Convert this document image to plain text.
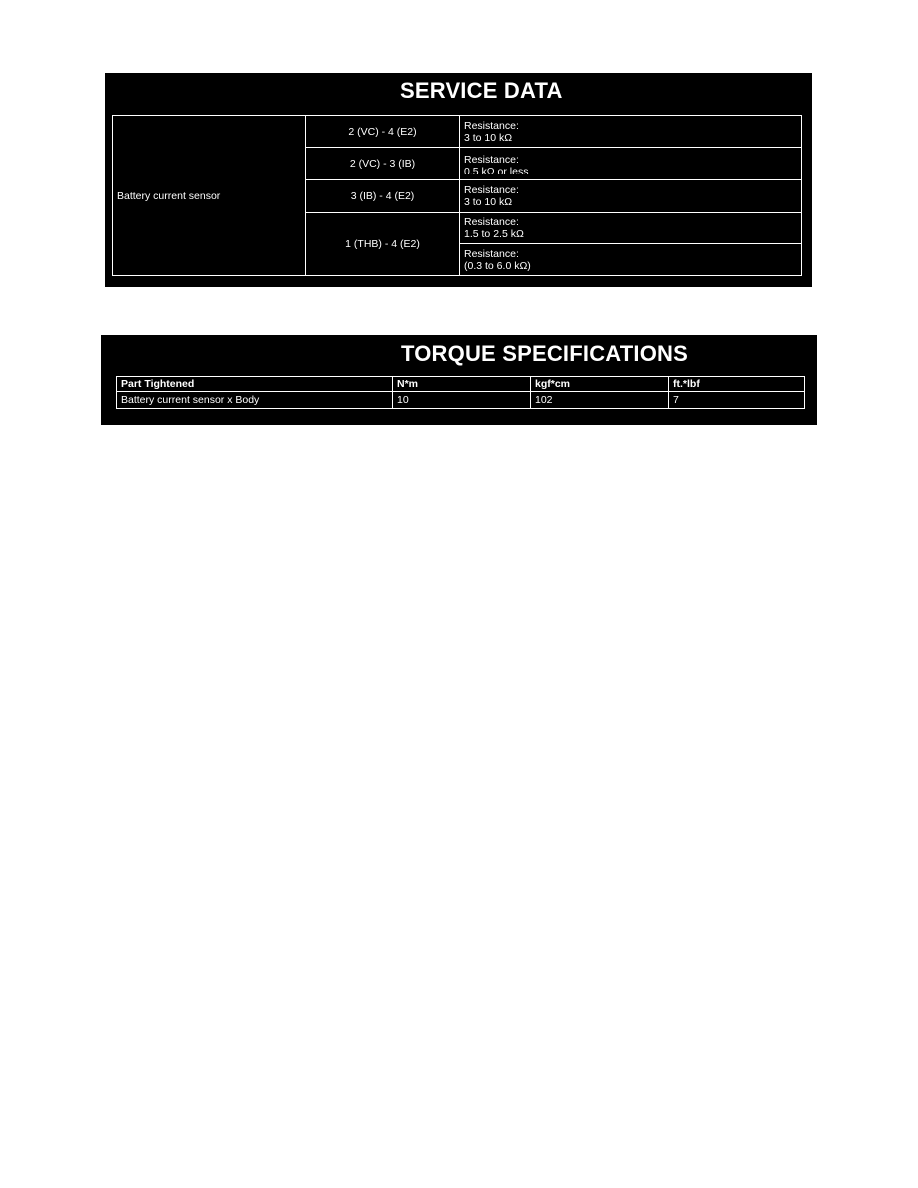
SERVICE DATA
Battery current sensor	2 (VC) - 4 (E2)	Resistance:
3 to 10 kΩ

	2 (VC) - 3 (IB)	Resistance:
0.5 kΩ or less

	3 (IB) - 4 (E2)	Resistance:
3 to 10 kΩ

	1 (THB) - 4 (E2)	Resistance:
1.5 to 2.5 kΩ

		Resistance:
(0.3 to 6.0 kΩ)
TORQUE SPECIFICATIONS
Part Tightened	N*m	kgf*cm	ft.*lbf
Battery current sensor x Body	10	102	7
